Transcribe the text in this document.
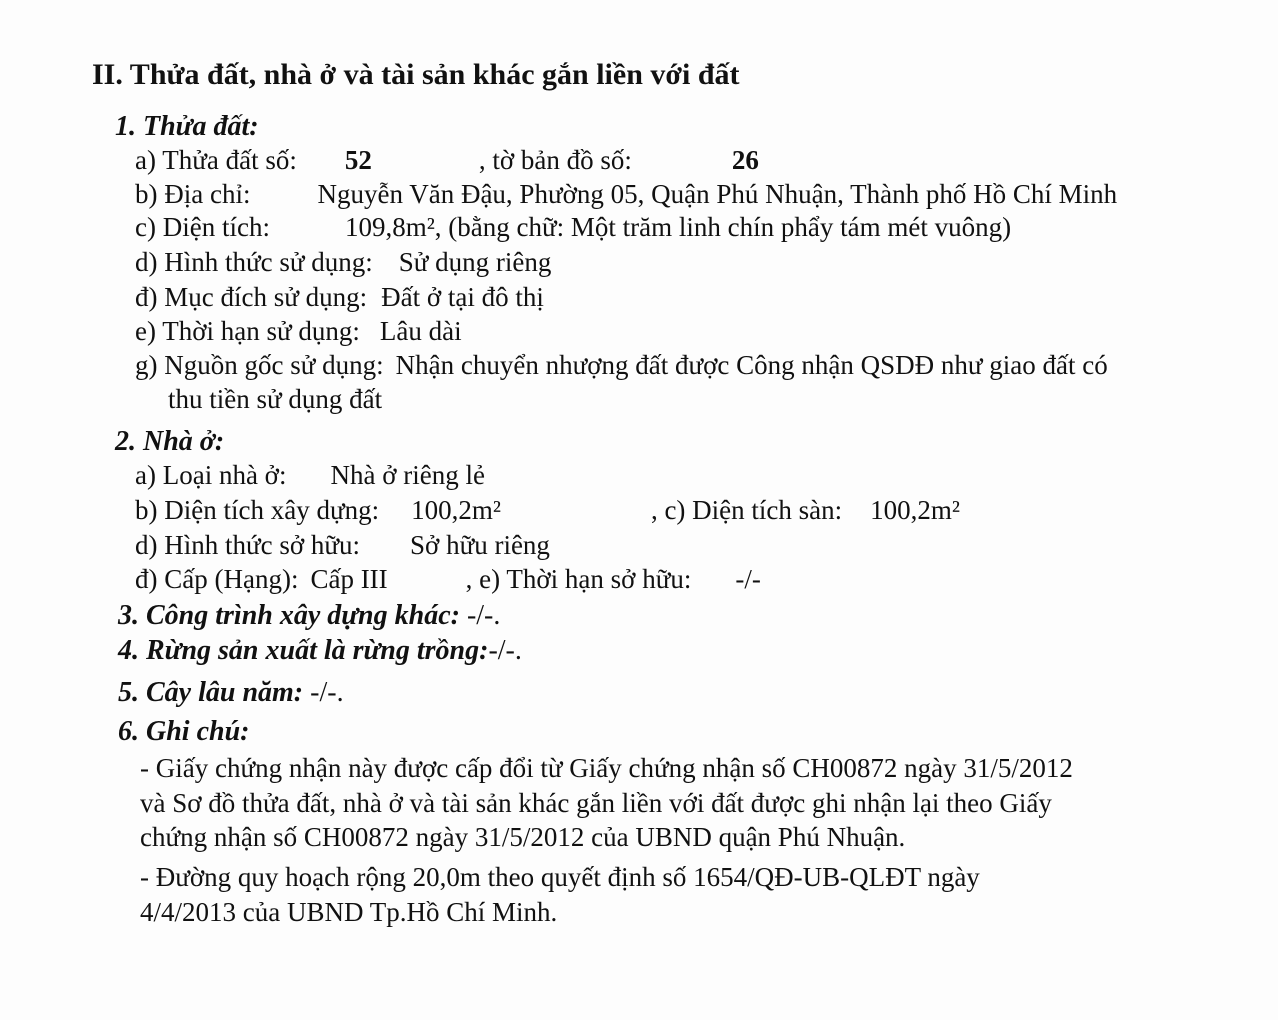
II. Thửa đất, nhà ở và tài sản khác gắn liền với đất
1. Thửa đất:
a) Thửa đất số: 52	, tờ bản đồ số:	26
b) Địa chỉ: Nguyễn Văn Đậu, Phường 05, Quận Phú Nhuận, Thành phố Hồ Chí Minh
c) Diện tích:	109,8m², (bằng chữ: Một trăm linh chín phẩy tám mét vuông)
d) Hình thức sử dụng: Sử dụng riêng
đ) Mục đích sử dụng: Đất ở tại đô thị
e) Thời hạn sử dụng: Lâu dài
g) Nguồn gốc sử dụng: Nhận chuyển nhượng đất được Công nhận QSDĐ như giao đất có
thu tiền sử dụng đất
2. Nhà ở:
a) Loại nhà ở: Nhà ở riêng lẻ
b) Diện tích xây dựng: 100,2m²	, c) Diện tích sàn: 100,2m²
d) Hình thức sở hữu: Sở hữu riêng
đ) Cấp (Hạng): Cấp III	, e) Thời hạn sở hữu: -/-
3. Công trình xây dựng khác: -/-.
4. Rừng sản xuất là rừng trồng:-/-.
5. Cây lâu năm: -/-.
6. Ghi chú:
- Giấy chứng nhận này được cấp đổi từ Giấy chứng nhận số CH00872 ngày 31/5/2012
và Sơ đồ thửa đất, nhà ở và tài sản khác gắn liền với đất được ghi nhận lại theo Giấy
chứng nhận số CH00872 ngày 31/5/2012 của UBND quận Phú Nhuận.
- Đường quy hoạch rộng 20,0m theo quyết định số 1654/QĐ-UB-QLĐT ngày
4/4/2013 của UBND Tp.Hồ Chí Minh.
